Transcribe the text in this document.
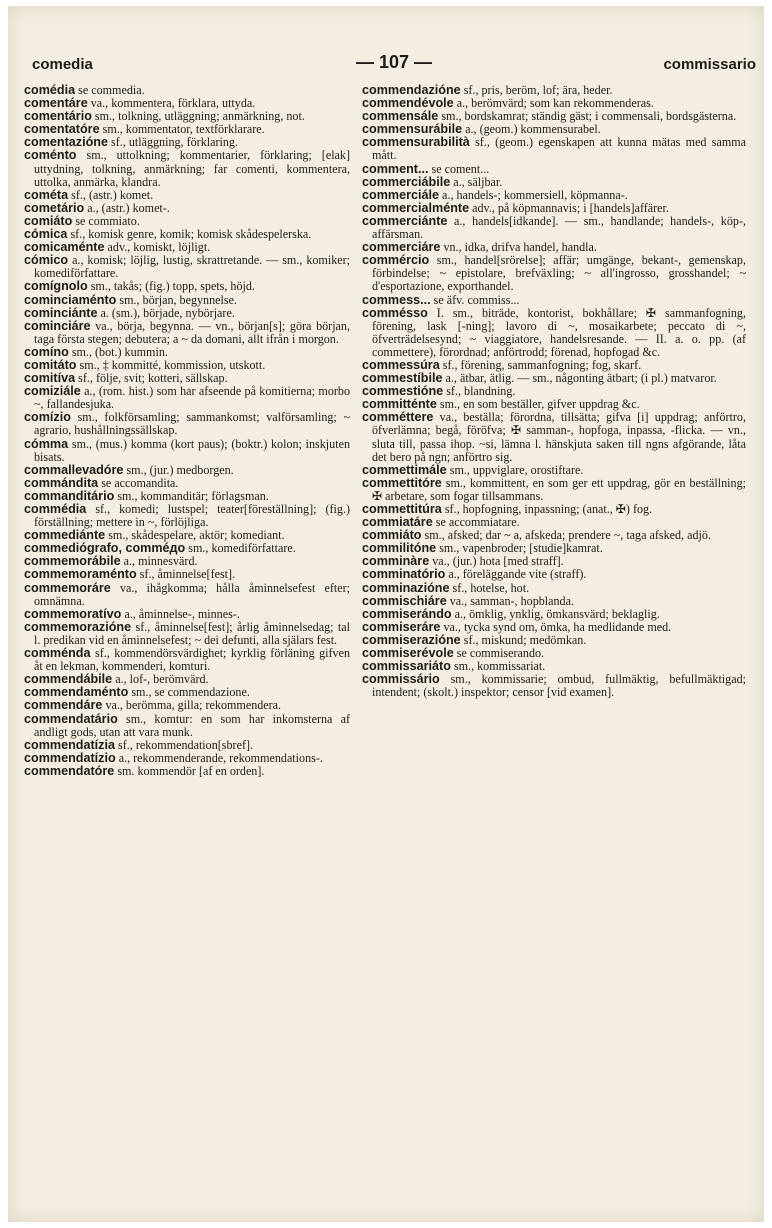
comedia	— 107 —	commissario

comédia se commedia.

comentáre va., kommentera, förklara, uttyda.

comentário sm., tolkning, utläggning; anmärkning, not.

comentatóre sm., kommentator, textförklarare.

comentazióne sf., utläggning, förklaring.

coménto sm., uttolkning; kommentarier, förklaring; [elak] uttydning, tolkning, anmärkning; far comenti, kommentera, uttolka, anmärka, klandra.

cométa sf., (astr.) komet.

cometário a., (astr.) komet-.

comiáto se commiato.

cómica sf., komisk genre, komik; komisk skådespelerska.

comicaménte adv., komiskt, löjligt.

cómico a., komisk; löjlig, lustig, skrattretande. — sm., komiker; komediförfattare.

comígnolo sm., takås; (fig.) topp, spets, höjd.

cominciaménto sm., början, begynnelse.

cominciánte a. (sm.), började, nybörjare.

cominciáre va., börja, begynna. — vn., början[s]; göra början, taga första stegen; debutera; a ~ da domani, allt ifrån i morgon.

comíno sm., (bot.) kummin.

comitáto sm., ‡ kommitté, kommission, utskott.

comitíva sf., följe, svit; kotteri, sällskap.

comiziále a., (rom. hist.) som har afseende på komitierna; morbo ~, fallandesjuka.

comízio sm., folkförsamling; sammankomst; valförsamling; ~ agrario, hushållningssällskap.

cómma sm., (mus.) komma (kort paus); (boktr.) kolon; inskjuten bisats.

commallevadóre sm., (jur.) medborgen.

commándita se accomandita.

commanditário sm., kommanditär; förlagsman.

commédia sf., komedi; lustspel; teater[föreställning]; (fig.) förställning; mettere in ~, förlöjliga.

commediánte sm., skådespelare, aktör; komediant.

commediógrafo, comméдо sm., komediförfattare.

commemorábile a., minnesvärd.

commemoraménto sf., åminnelse[fest].

commemoráre va., ihågkomma; hålla åminnelsefest efter; omnämna.

commemoratívo a., åminnelse-, minnes-.

commemorazióne sf., åminnelse[fest]; årlig åminnelsedag; tal l. predikan vid en åminnelsefest; ~ dei defunti, alla själars fest.

comménda sf., kommendörsvärdighet; kyrklig förläning gifven åt en lekman, kommenderi, komturi.

commendábile a., lof-, berömvärd.

commendaménto sm., se commendazione.

commendáre va., berömma, gilla; rekommendera.

commendatário sm., komtur: en som har inkomsterna af andligt gods, utan att vara munk.

commendatízia sf., rekommendation[sbref].

commendatízio a., rekommenderande, rekommendations-.

commendatóre sm. kommendör [af en orden].

commendazióne sf., pris, beröm, lof; ära, heder.

commendévole a., berömvärd; som kan rekommenderas.

commensále sm., bordskamrat; ständig gäst; i commensali, bordsgästerna.

commensurábile a., (geom.) kommensurabel.

commensurabilità sf., (geom.) egenskapen att kunna mätas med samma mått.

comment... se coment...

commerciábile a., säljbar.

commerciále a., handels-; kommersiell, köpmanna-.

commercialménte adv., på köpmannavis; i [handels]affärer.

commerciánte a., handels[idkande]. — sm., handlande; handels-, köp-, affärsman.

commerciáre vn., idka, drifva handel, handla.

commércio sm., handel[srörelse]; affär; umgänge, bekant-, gemenskap, förbindelse; ~ epistolare, brefväxling; ~ all'ingrosso, grosshandel; ~ d'esportazione, exporthandel.

commess... se äfv. commiss...

commésso I. sm., biträde, kontorist, bokhållare; ✠ sammanfogning, förening, lask [-ning]; lavoro di ~, mosaikarbete; peccato di ~, öfverträdelsesynd; ~ viaggiatore, handelsresande. — II. a. o. pp. (af commettere), förordnad; anförtrodd; förenad, hopfogad &c.

commessúra sf., förening, sammanfogning; fog, skarf.

commestíbile a., ätbar, ätlig. — sm., någonting ätbart; (i pl.) matvaror.

commestióne sf., blandning.

committénte sm., en som beställer, gifver uppdrag &c.

comméttere va., beställa; förordna, tillsätta; gifva [i] uppdrag; anförtro, öfverlämna; begå, föröfva; ✠ samman-, hopfoga, inpassa, -flicka. — vn., sluta till, passa ihop. ~si, lämna l. hänskjuta saken till ngns afgörande, låta det bero på ngn; anförtro sig.

commettimále sm., uppviglare, orostiftare.

commettitóre sm., kommittent, en som ger ett uppdrag, gör en beställning; ✠ arbetare, som fogar tillsammans.

commettitúra sf., hopfogning, inpassning; (anat., ✠) fog.

commiatáre se accommiatare.

commiáto sm., afsked; dar ~ a, afskeda; prendere ~, taga afsked, adjö.

commilitóne sm., vapenbroder; [studie]kamrat.

comminàre va., (jur.) hota [med straff].

comminatório a., föreläggande vite (straff).

comminazióne sf., hotelse, hot.

commischiáre va., samman-, hopblanda.

commiserándo a., ömklig, ynklig, ömkansvärd; beklaglig.

commiseráre va., tycka synd om, ömka, ha medlidande med.

commiserazióne sf., miskund; medömkan.

commiserévole se commiserando.

commissariáto sm., kommissariat.

commissário sm., kommissarie; ombud, fullmäktig, befullmäktigad; intendent; (skolt.) inspektor; censor [vid examen].
